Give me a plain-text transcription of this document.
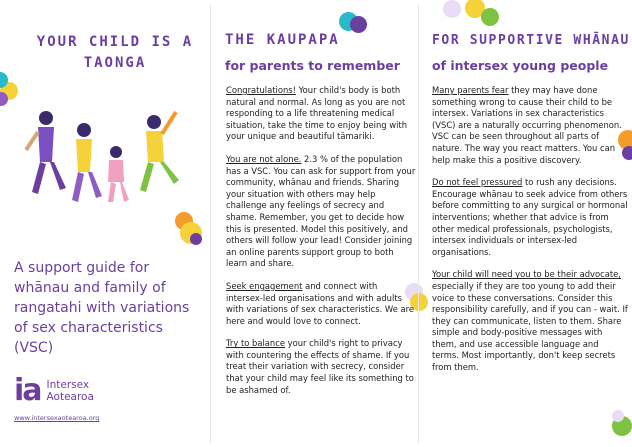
YOUR CHILD IS A TAONGA
A support guide for whānau and family of rangatahi with variations of sex characteristics (VSC)
ia Intersex
Aotearoa
www.intersexaotearoa.org
THE KAUPAPA
for parents to remember

Congratulations! Your child's body is both natural and normal. As long as you are not responding to a life threatening medical situation, take the time to enjoy being with your unique and beautiful tāmariki.

You are not alone. 2.3 % of the population has a VSC. You can ask for support from your community, whānau and friends. Sharing your situation with others may help challenge any feelings of secrecy and shame. Remember, you get to decide how this is presented. Model this positively, and others will follow your lead! Consider joining an online parents support group to both learn and share.

Seek engagement and connect with intersex-led organisations and with adults with variations of sex characteristics. We are here and would love to connect.

Try to balance your child's right to privacy with countering the effects of shame. If you treat their variation with secrecy, consider that your child may feel like its something to be ashamed of.

FOR SUPPORTIVE WHĀNAU
of intersex young people

Many parents fear they may have done something wrong to cause their child to be intersex. Variations in sex characteristics (VSC) are a naturally occurring phenomenon. VSC can be seen throughout all parts of nature. The way you react matters. You can help make this a positive discovery.

Do not feel pressured to rush any decisions. Encourage whānau to seek advice from others before committing to any surgical or hormonal interventions; whether that advice is from other medical professionals, psychologists, intersex individuals or intersex-led organisations.

Your child will need you to be their advocate, especially if they are too young to add their voice to these conversations. Consider this responsibility carefully, and if you can - wait. If they can communicate, listen to them. Share simple and body-positive messages with them, and use accessible language and terms. Most importantly, don't keep secrets from them.
